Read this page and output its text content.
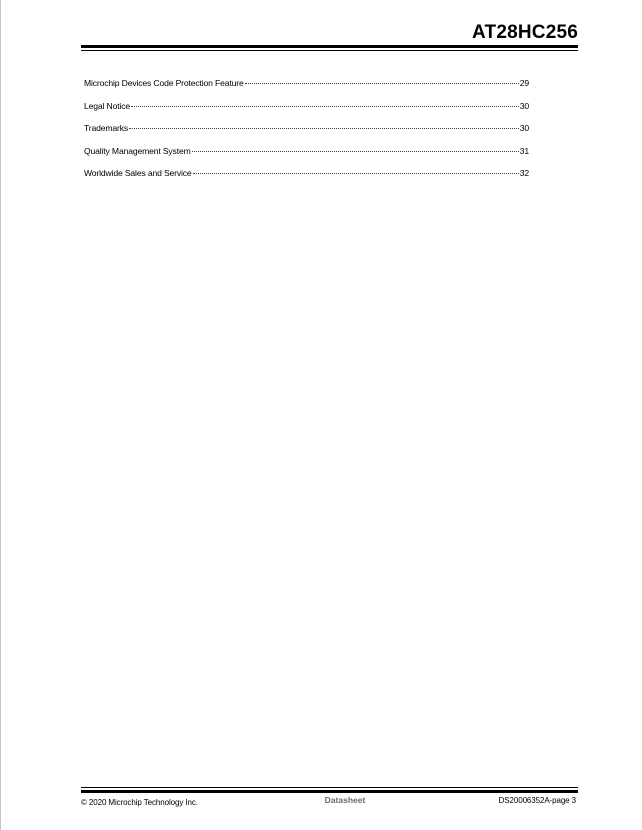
AT28HC256
Microchip Devices Code Protection Feature	29
Legal Notice	30
Trademarks	30
Quality Management System	31
Worldwide Sales and Service	32
© 2020 Microchip Technology Inc.	Datasheet	DS20006352A-page 3
